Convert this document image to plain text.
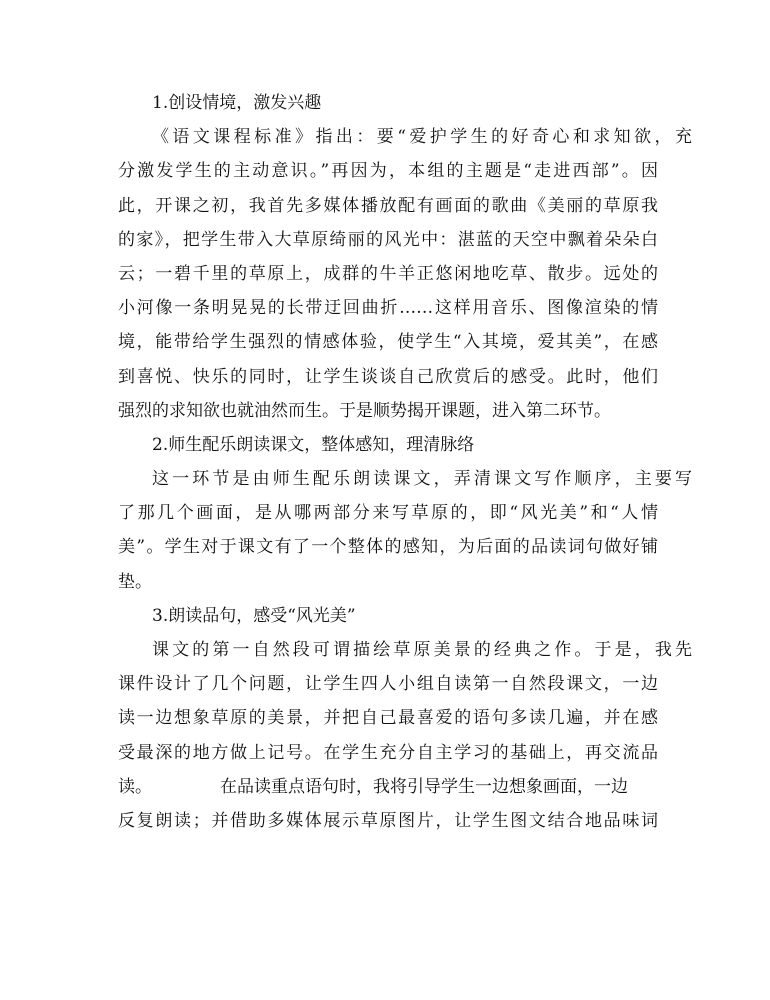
1.创设情境，激发兴趣
《语文课程标准》指出：要“爱护学生的好奇心和求知欲，充
分激发学生的主动意识。”再因为，本组的主题是“走进西部”。因
此，开课之初，我首先多媒体播放配有画面的歌曲《美丽的草原我
的家》，把学生带入大草原绮丽的风光中：湛蓝的天空中飘着朵朵白
云；一碧千里的草原上，成群的牛羊正悠闲地吃草、散步。远处的
小河像一条明晃晃的长带迂回曲折……这样用音乐、图像渲染的情
境，能带给学生强烈的情感体验，使学生“入其境，爱其美”，在感
到喜悦、快乐的同时，让学生谈谈自己欣赏后的感受。此时，他们
强烈的求知欲也就油然而生。于是顺势揭开课题，进入第二环节。
2.师生配乐朗读课文，整体感知，理清脉络
这一环节是由师生配乐朗读课文，弄清课文写作顺序，主要写
了那几个画面，是从哪两部分来写草原的，即“风光美”和“人情
美”。学生对于课文有了一个整体的感知，为后面的品读词句做好铺
垫。
3.朗读品句，感受“风光美”
课文的第一自然段可谓描绘草原美景的经典之作。于是，我先
课件设计了几个问题，让学生四人小组自读第一自然段课文，一边
读一边想象草原的美景，并把自己最喜爱的语句多读几遍，并在感
受最深的地方做上记号。在学生充分自主学习的基础上，再交流品
读。	在品读重点语句时，我将引导学生一边想象画面，一边
反复朗读；并借助多媒体展示草原图片，让学生图文结合地品味词
